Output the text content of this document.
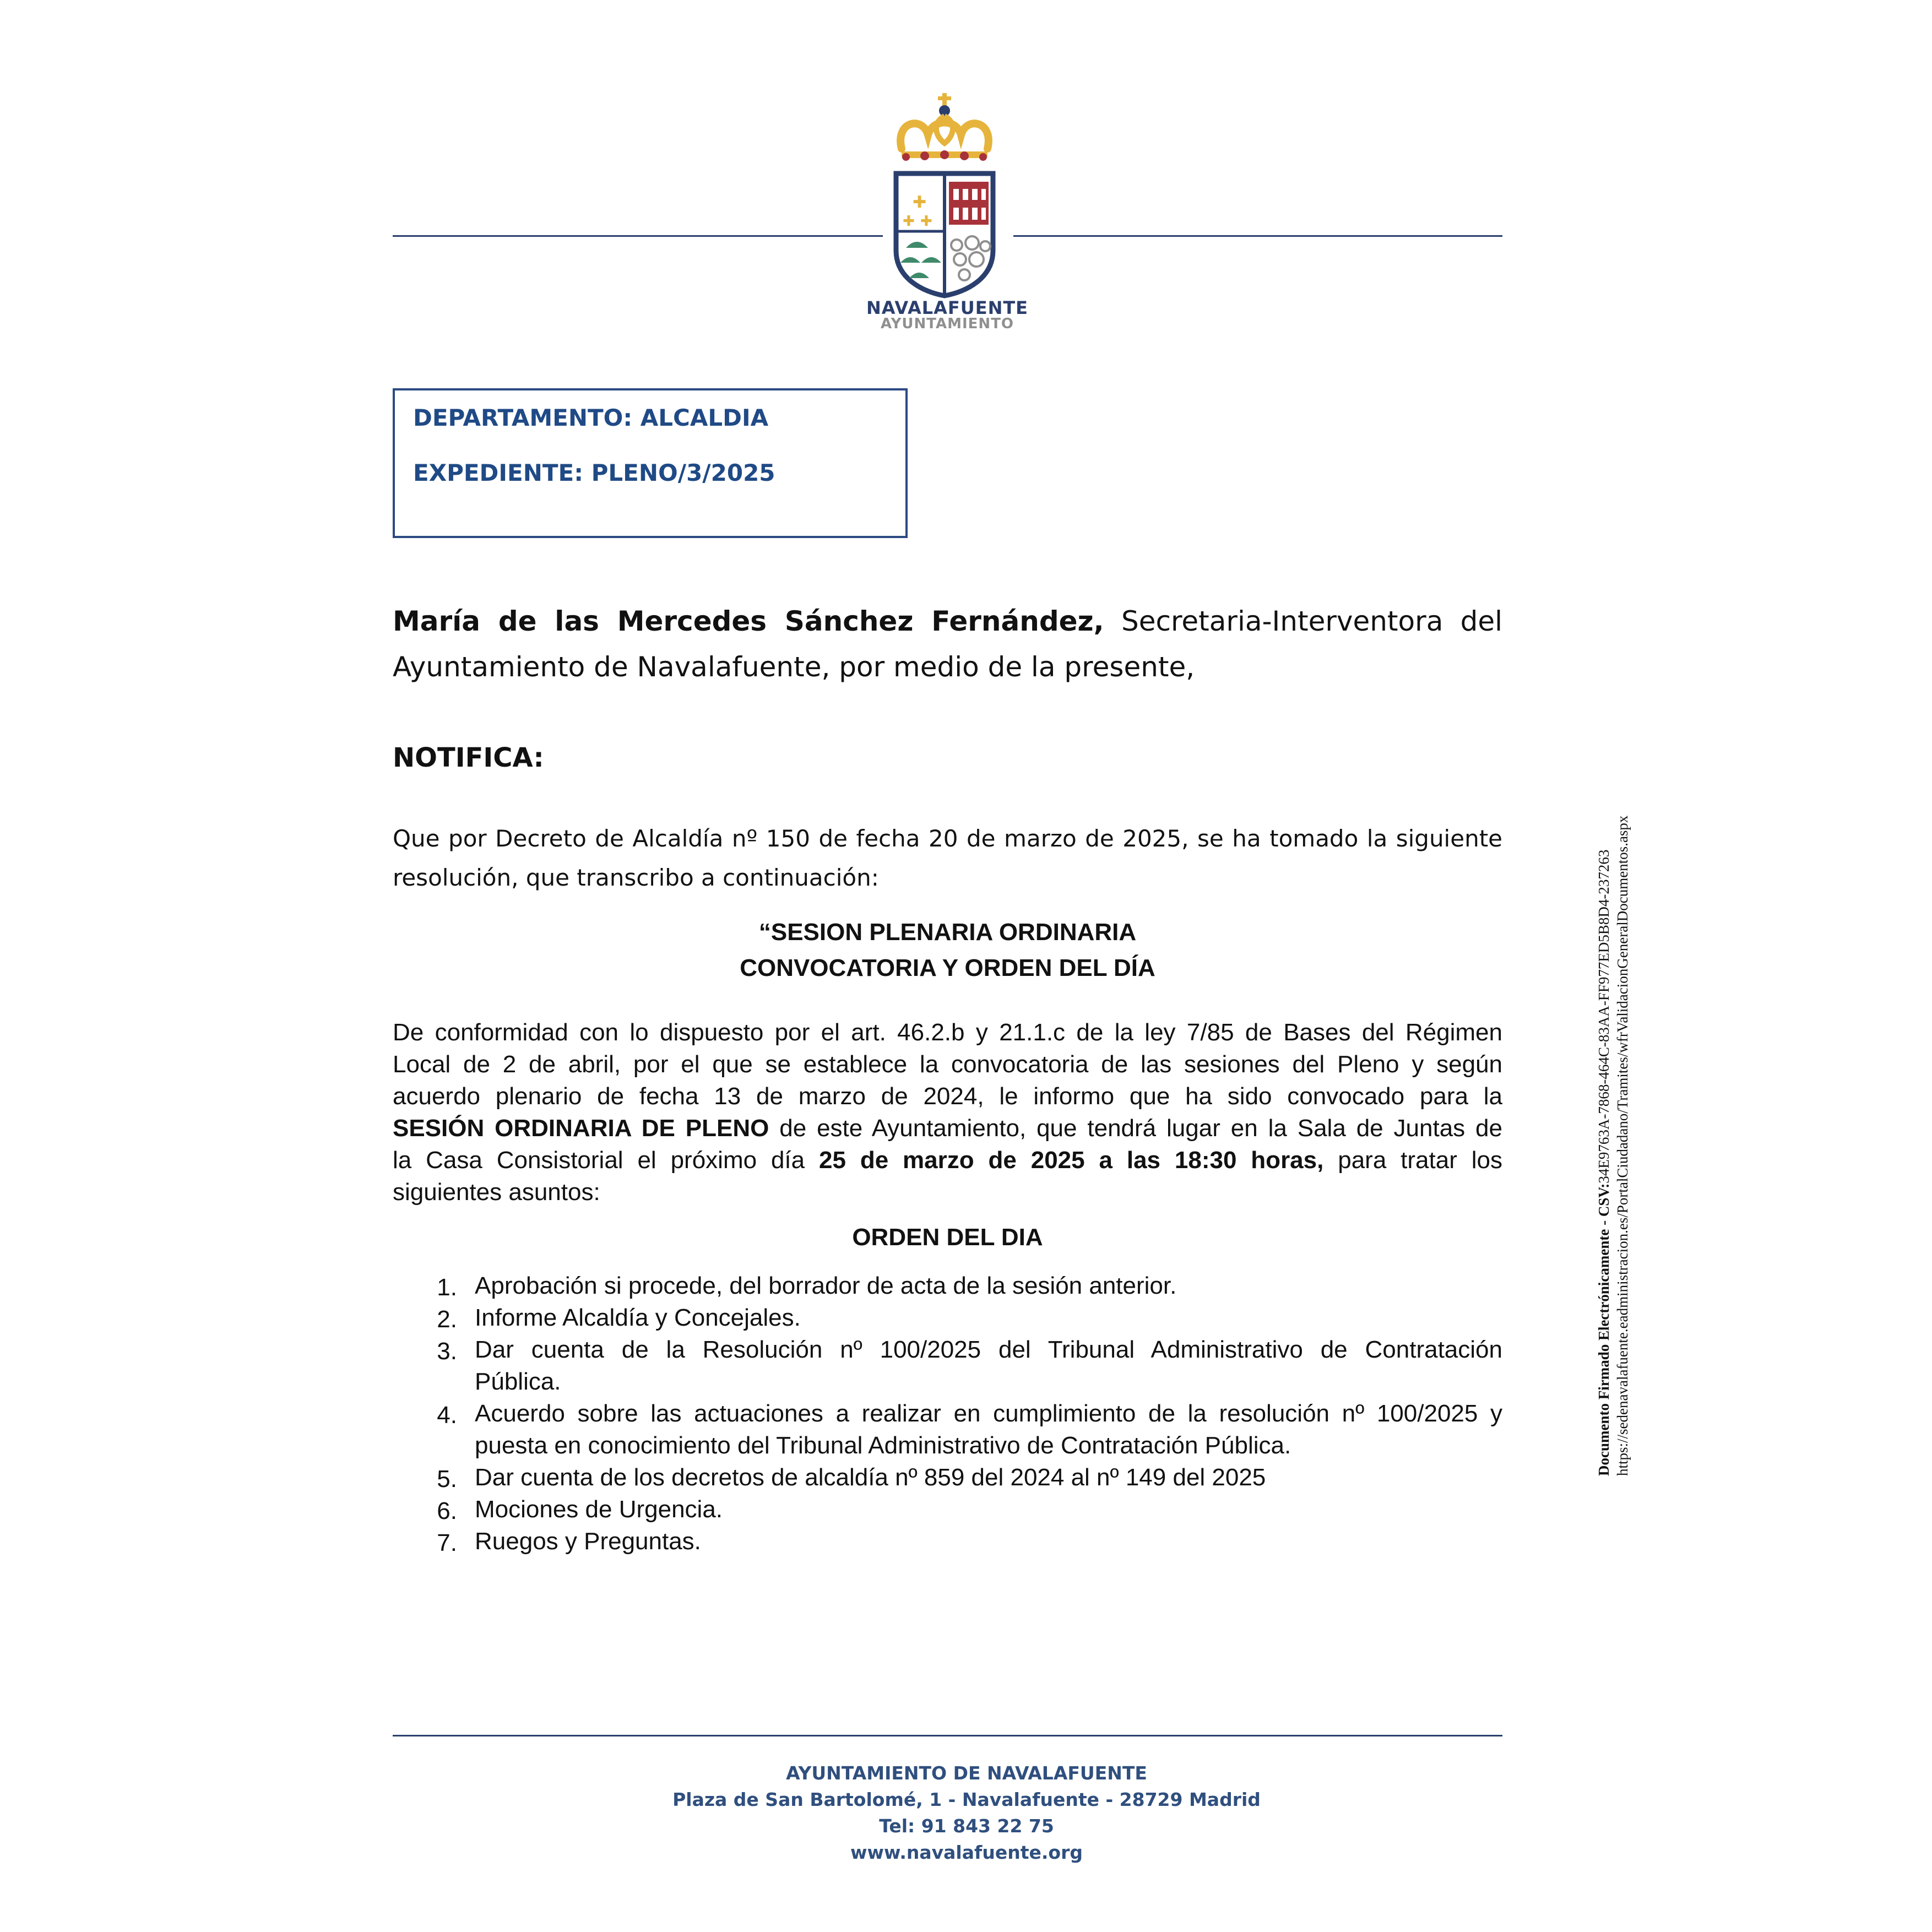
✚
✚ ✚
NAVALAFUENTE
AYUNTAMIENTO
DEPARTAMENTO: ALCALDIA
EXPEDIENTE: PLENO/3/2025
María de las Mercedes Sánchez Fernández, Secretaria-Interventora del
Ayuntamiento de Navalafuente, por medio de la presente,
NOTIFICA:
Que por Decreto de Alcaldía nº 150 de fecha 20 de marzo de 2025, se ha tomado la siguiente
resolución, que transcribo a continuación:
“SESION PLENARIA ORDINARIA
CONVOCATORIA Y ORDEN DEL DÍA
De conformidad con lo dispuesto por el art. 46.2.b y 21.1.c de la ley 7/85 de Bases del Régimen
Local de 2 de abril, por el que se establece la convocatoria de las sesiones del Pleno y según
acuerdo plenario de fecha 13 de marzo de 2024, le informo que ha sido convocado para la
SESIÓN ORDINARIA DE PLENO de este Ayuntamiento, que tendrá lugar en la Sala de Juntas de
la Casa Consistorial el próximo día 25 de marzo de 2025 a las 18:30 horas, para tratar los
siguientes asuntos:
ORDEN DEL DIA
1. Aprobación si procede, del borrador de acta de la sesión anterior.
2. Informe Alcaldía y Concejales.
3. Dar cuenta de la Resolución nº 100/2025 del Tribunal Administrativo de Contratación
Pública.
4. Acuerdo sobre las actuaciones a realizar en cumplimiento de la resolución nº 100/2025 y
puesta en conocimiento del Tribunal Administrativo de Contratación Pública.
5. Dar cuenta de los decretos de alcaldía nº 859 del 2024 al nº 149 del 2025
6. Mociones de Urgencia.
7. Ruegos y Preguntas.
Documento Firmado Electrónicamente - CSV:34E9763A-7868-464C-83AA-FF977ED5B8D4-237263 https://sedenavalafuente.eadministracion.es/PortalCiudadano/Tramites/wfrValidacionGeneralDocumentos.aspx
AYUNTAMIENTO DE NAVALAFUENTE
Plaza de San Bartolomé, 1 - Navalafuente - 28729 Madrid
Tel: 91 843 22 75
www.navalafuente.org
